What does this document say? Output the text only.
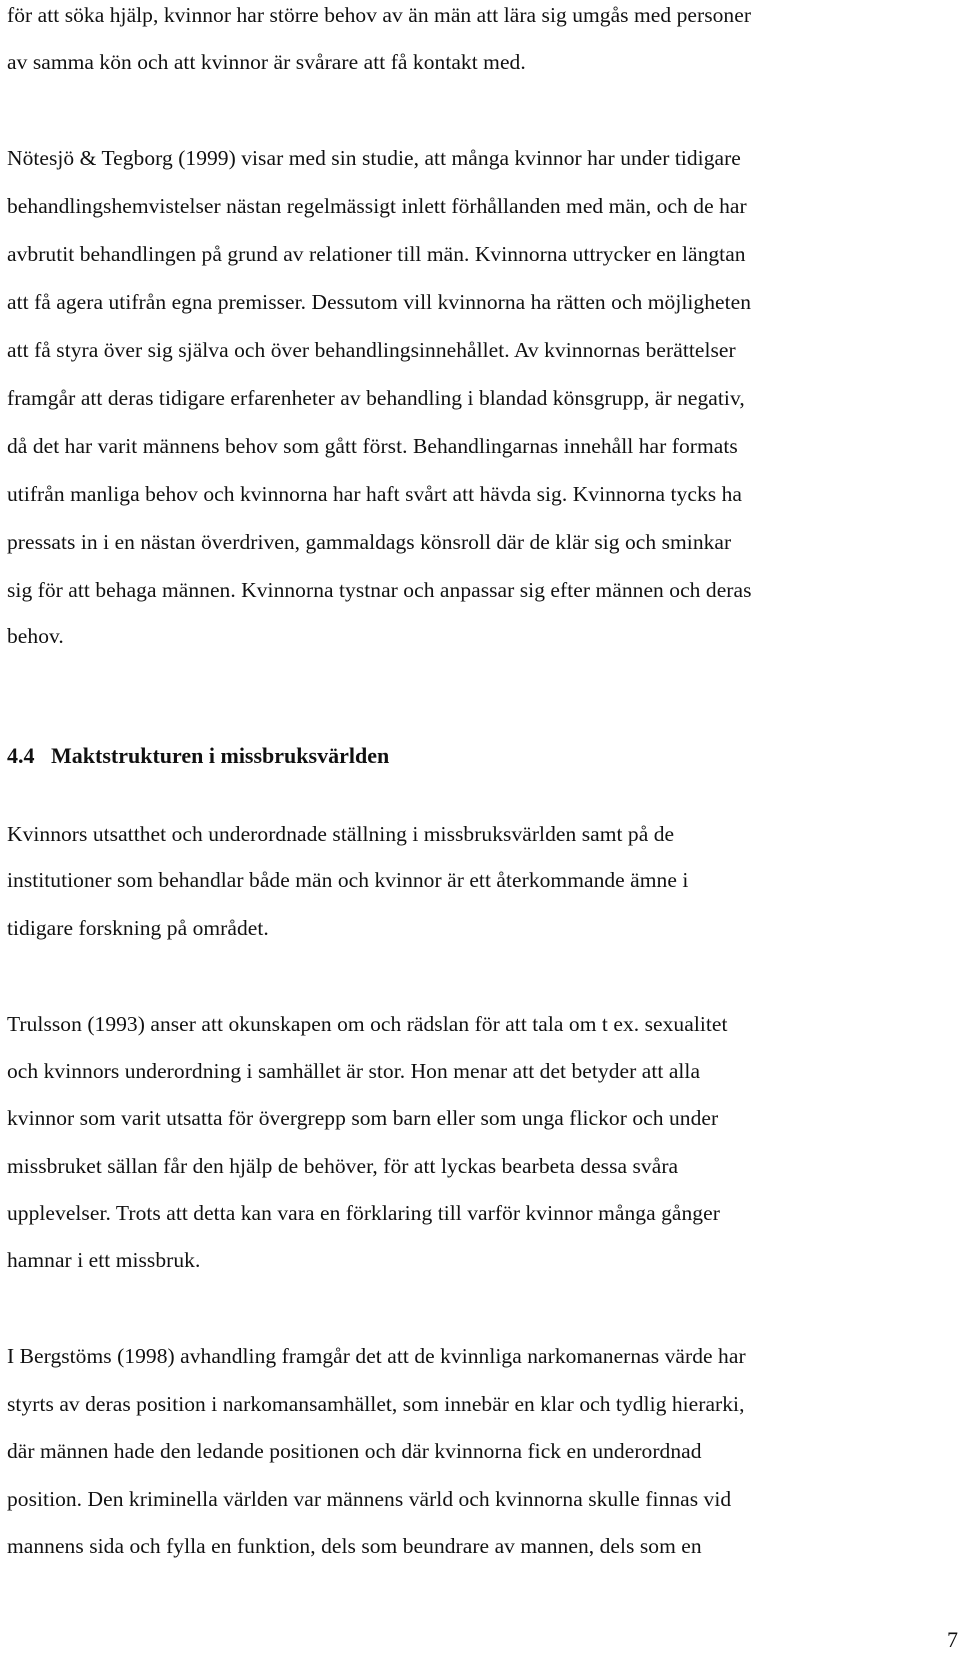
för att söka hjälp, kvinnor har större behov av än män att lära sig umgås med personer
av samma kön och att kvinnor är svårare att få kontakt med.
Nötesjö & Tegborg (1999) visar med sin studie, att många kvinnor har under tidigare
behandlingshemvistelser nästan regelmässigt inlett förhållanden med män, och de har
avbrutit behandlingen på grund av relationer till män. Kvinnorna uttrycker en längtan
att få agera utifrån egna premisser. Dessutom vill kvinnorna ha rätten och möjligheten
att få styra över sig själva och över behandlingsinnehållet. Av kvinnornas berättelser
framgår att deras tidigare erfarenheter av behandling i blandad könsgrupp, är negativ,
då det har varit männens behov som gått först. Behandlingarnas innehåll har formats
utifrån manliga behov och kvinnorna har haft svårt att hävda sig. Kvinnorna tycks ha
pressats in i en nästan överdriven, gammaldags könsroll där de klär sig och sminkar
sig för att behaga männen. Kvinnorna tystnar och anpassar sig efter männen och deras
behov.
4.4 Maktstrukturen i missbruksvärlden
Kvinnors utsatthet och underordnade ställning i missbruksvärlden samt på de
institutioner som behandlar både män och kvinnor är ett återkommande ämne i
tidigare forskning på området.
Trulsson (1993) anser att okunskapen om och rädslan för att tala om t ex. sexualitet
och kvinnors underordning i samhället är stor. Hon menar att det betyder att alla
kvinnor som varit utsatta för övergrepp som barn eller som unga flickor och under
missbruket sällan får den hjälp de behöver, för att lyckas bearbeta dessa svåra
upplevelser. Trots att detta kan vara en förklaring till varför kvinnor många gånger
hamnar i ett missbruk.
I Bergstöms (1998) avhandling framgår det att de kvinnliga narkomanernas värde har
styrts av deras position i narkomansamhället, som innebär en klar och tydlig hierarki,
där männen hade den ledande positionen och där kvinnorna fick en underordnad
position. Den kriminella världen var männens värld och kvinnorna skulle finnas vid
mannens sida och fylla en funktion, dels som beundrare av mannen, dels som en
7
